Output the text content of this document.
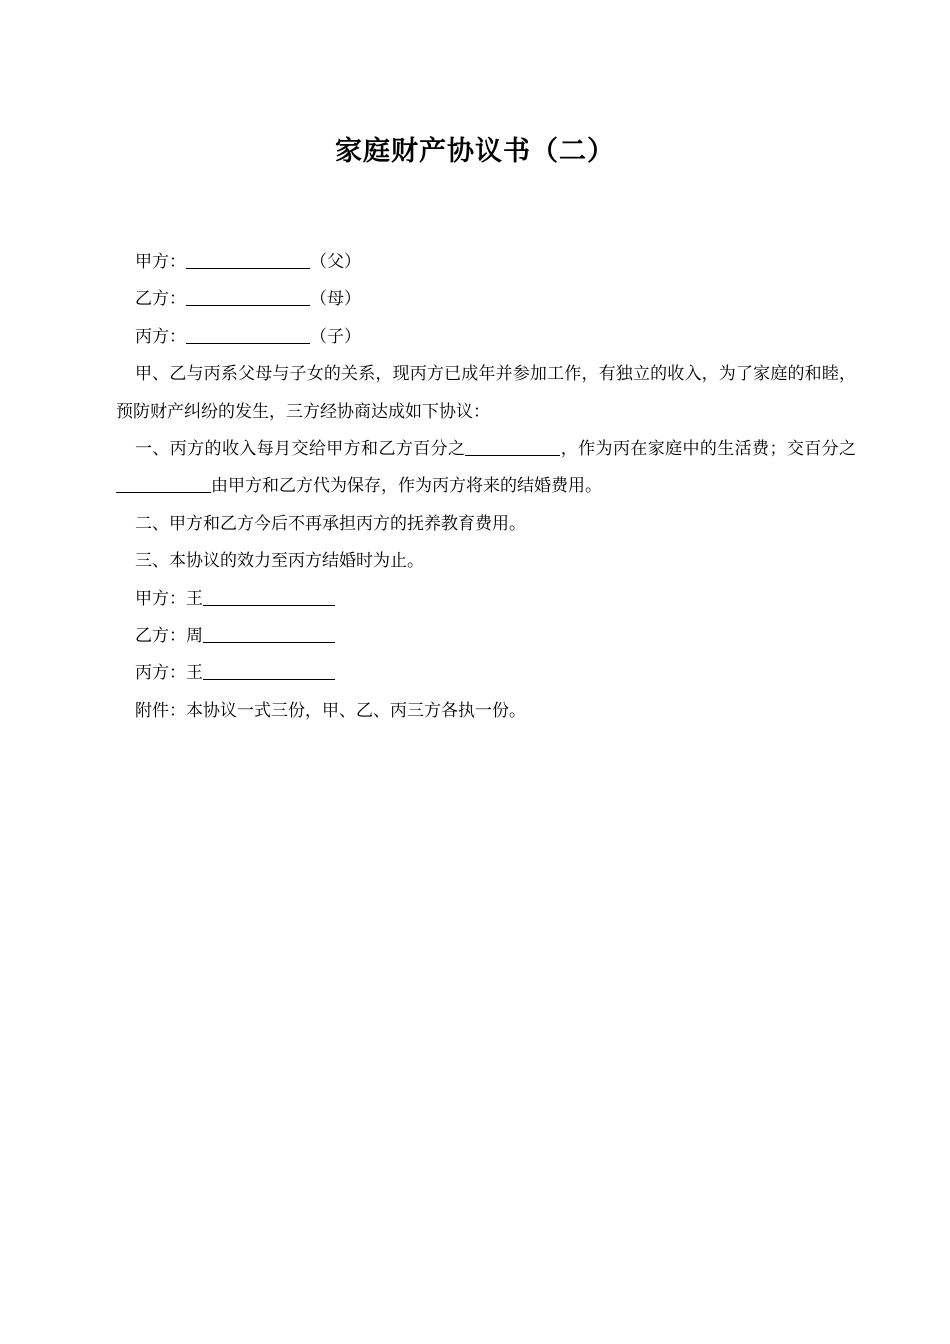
家庭财产协议书（二）
甲方：	（父）
乙方：	（母）
丙方：	（子）
甲、乙与丙系父母与子女的关系，现丙方已成年并参加工作，有独立的收入，为了家庭的和睦，预防财产纠纷的发生，三方经协商达成如下协议：
一、丙方的收入每月交给甲方和乙方百分之	，作为丙在家庭中的生活费；交百分之由甲方和乙方代为保存，作为丙方将来的结婚费用。
二、甲方和乙方今后不再承担丙方的抚养教育费用。
三、本协议的效力至丙方结婚时为止。
甲方：王
乙方：周
丙方：王
附件：本协议一式三份，甲、乙、丙三方各执一份。
